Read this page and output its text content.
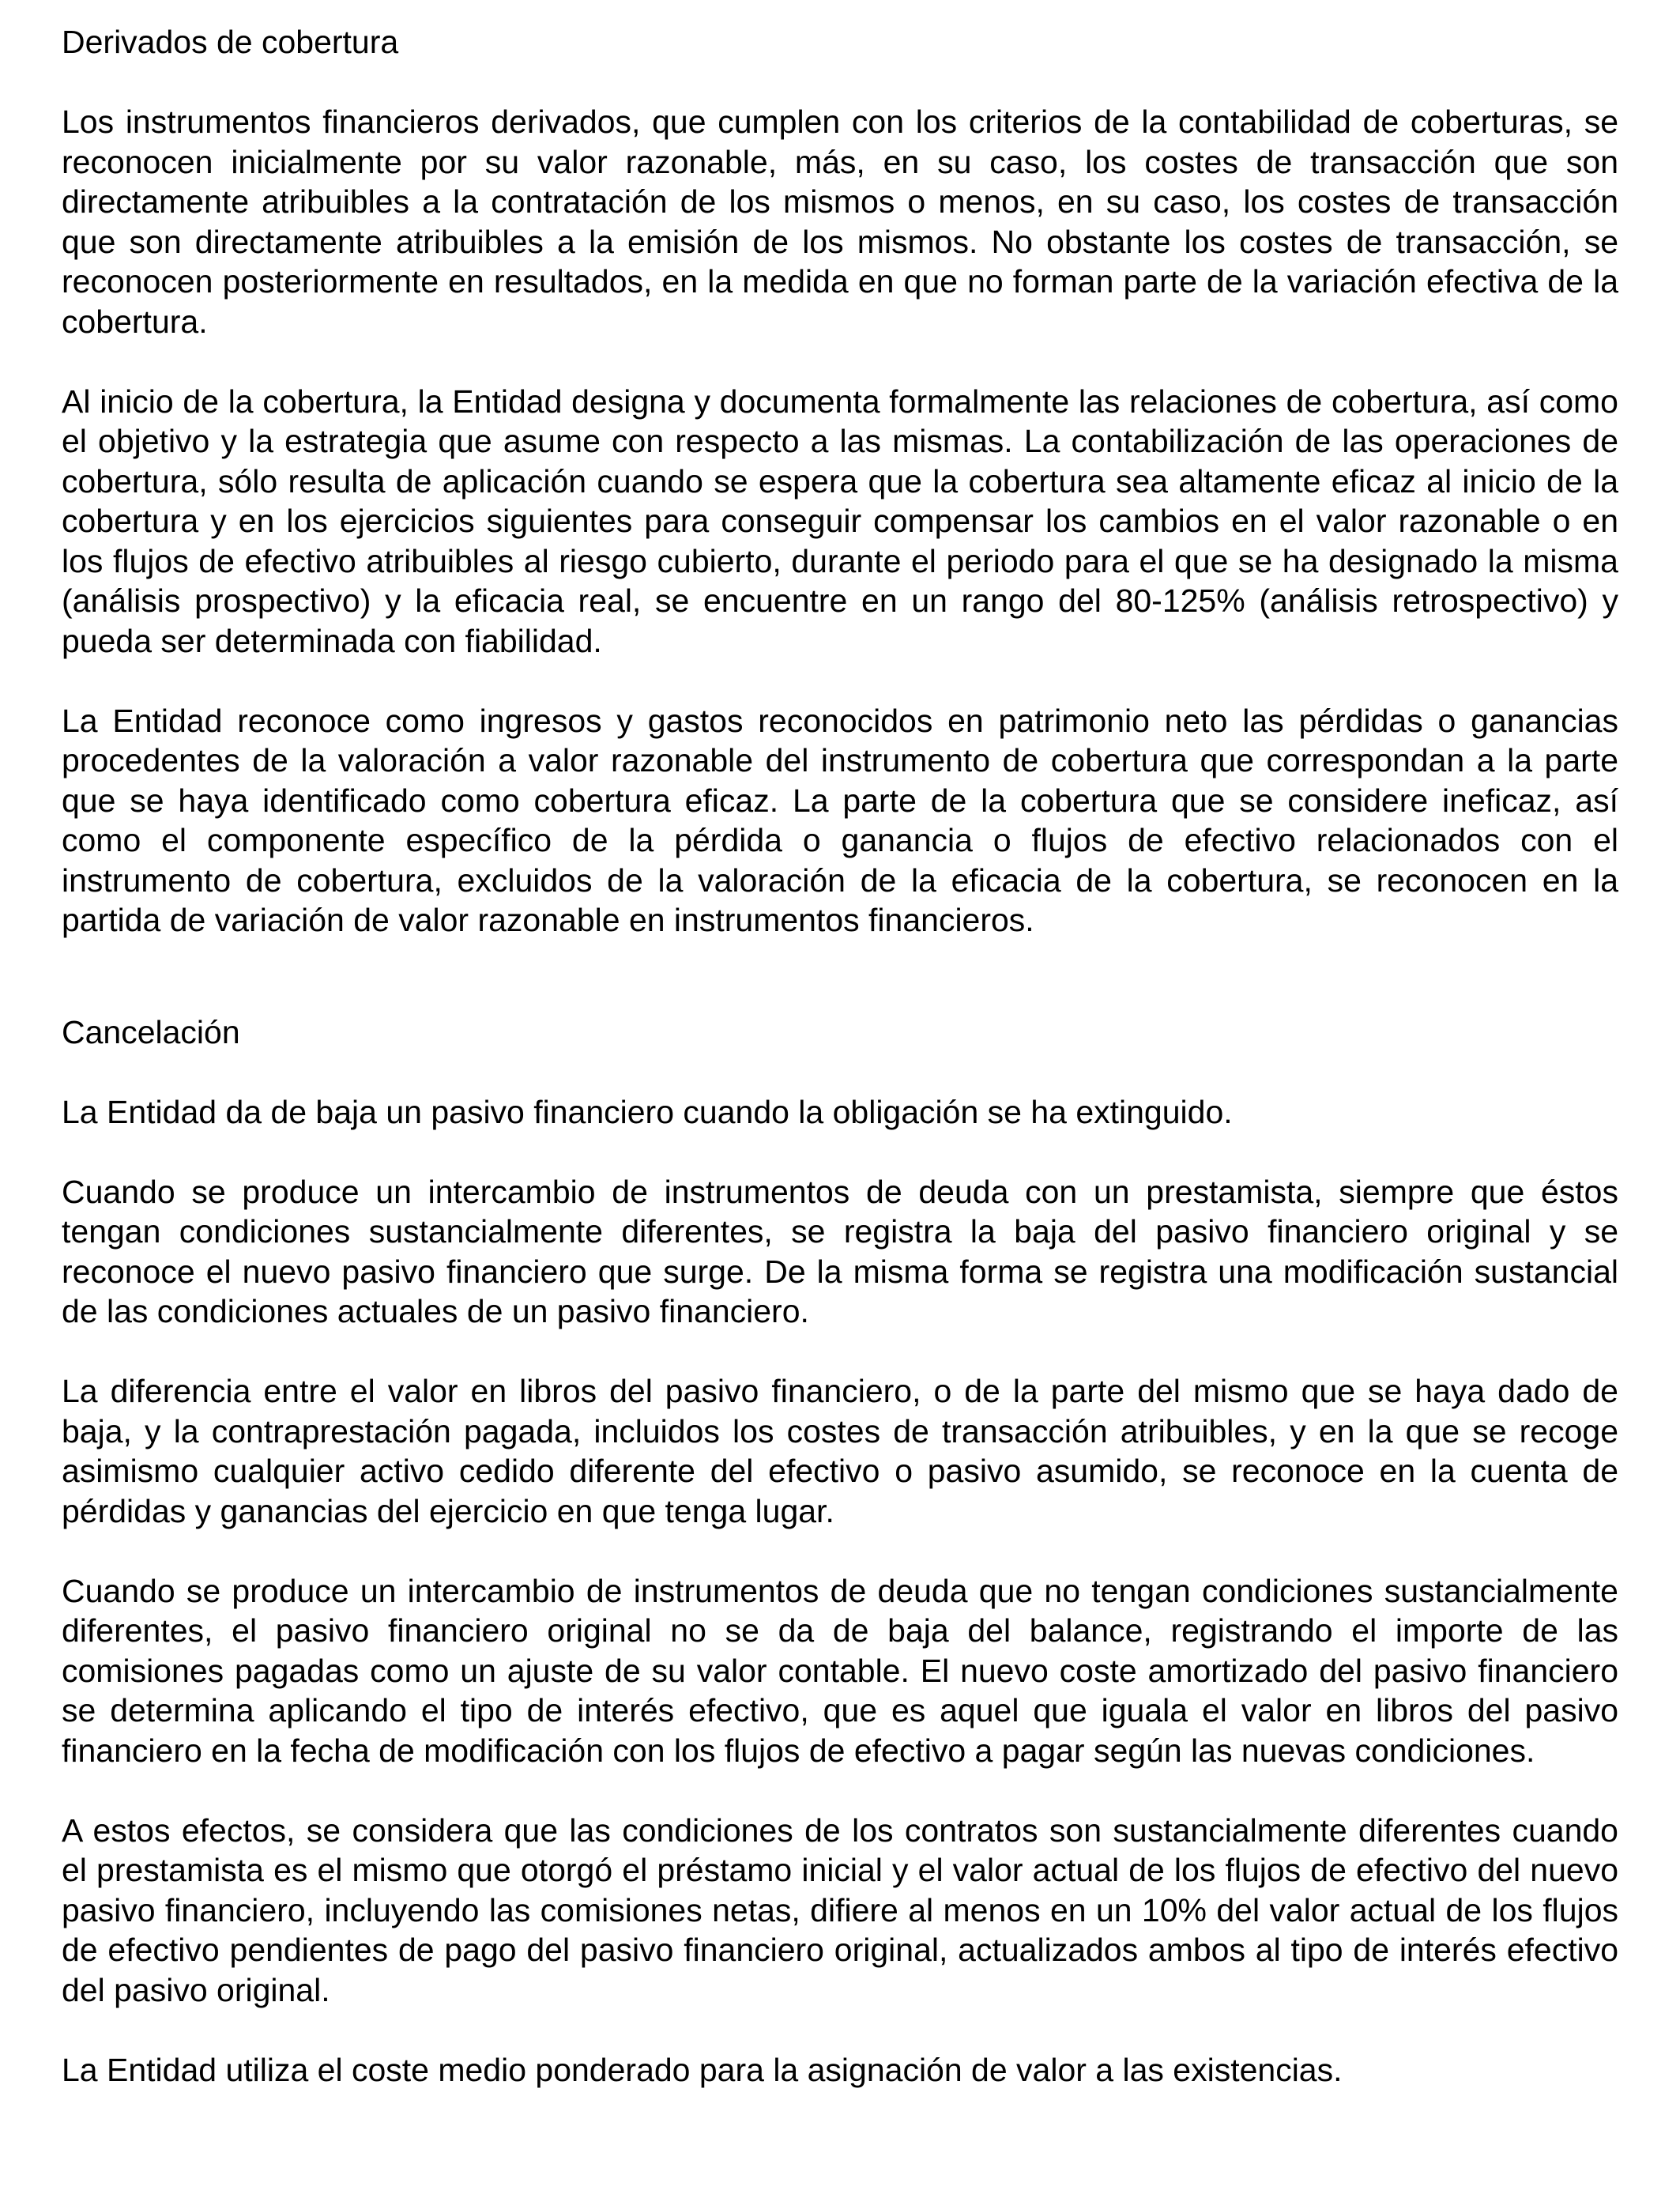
Derivados de cobertura

Los instrumentos financieros derivados, que cumplen con los criterios de la contabilidad de coberturas, se reconocen inicialmente por su valor razonable, más, en su caso, los costes de transacción que son directamente atribuibles a la contratación de los mismos o menos, en su caso, los costes de transacción que son directamente atribuibles a la emisión de los mismos. No obstante los costes de transacción, se reconocen posteriormente en resultados, en la medida en que no forman parte de la variación efectiva de la cobertura.

Al inicio de la cobertura, la Entidad designa y documenta formalmente las relaciones de cobertura, así como el objetivo y la estrategia que asume con respecto a las mismas. La contabilización de las operaciones de cobertura, sólo resulta de aplicación cuando se espera que la cobertura sea altamente eficaz al inicio de la cobertura y en los ejercicios siguientes para conseguir compensar los cambios en el valor razonable o en los flujos de efectivo atribuibles al riesgo cubierto, durante el periodo para el que se ha designado la misma (análisis prospectivo) y la eficacia real, se encuentre en un rango del 80-125% (análisis retrospectivo) y pueda ser determinada con fiabilidad.

La Entidad reconoce como ingresos y gastos reconocidos en patrimonio neto las pérdidas o ganancias procedentes de la valoración a valor razonable del instrumento de cobertura que correspondan a la parte que se haya identificado como cobertura eficaz. La parte de la cobertura que se considere ineficaz, así como el componente específico de la pérdida o ganancia o flujos de efectivo relacionados con el instrumento de cobertura, excluidos de la valoración de la eficacia de la cobertura, se reconocen en la partida de variación de valor razonable en instrumentos financieros.

Cancelación

La Entidad da de baja un pasivo financiero cuando la obligación se ha extinguido.

Cuando se produce un intercambio de instrumentos de deuda con un prestamista, siempre que éstos tengan condiciones sustancialmente diferentes, se registra la baja del pasivo financiero original y se reconoce el nuevo pasivo financiero que surge. De la misma forma se registra una modificación sustancial de las condiciones actuales de un pasivo financiero.

La diferencia entre el valor en libros del pasivo financiero, o de la parte del mismo que se haya dado de baja, y la contraprestación pagada, incluidos los costes de transacción atribuibles, y en la que se recoge asimismo cualquier activo cedido diferente del efectivo o pasivo asumido, se reconoce en la cuenta de pérdidas y ganancias del ejercicio en que tenga lugar.

Cuando se produce un intercambio de instrumentos de deuda que no tengan condiciones sustancialmente diferentes, el pasivo financiero original no se da de baja del balance, registrando el importe de las comisiones pagadas como un ajuste de su valor contable. El nuevo coste amortizado del pasivo financiero se determina aplicando el tipo de interés efectivo, que es aquel que iguala el valor en libros del pasivo financiero en la fecha de modificación con los flujos de efectivo a pagar según las nuevas condiciones.

A estos efectos, se considera que las condiciones de los contratos son sustancialmente diferentes cuando el prestamista es el mismo que otorgó el préstamo inicial y el valor actual de los flujos de efectivo del nuevo pasivo financiero, incluyendo las comisiones netas, difiere al menos en un 10% del valor actual de los flujos de efectivo pendientes de pago del pasivo financiero original, actualizados ambos al tipo de interés efectivo del pasivo original.

La Entidad utiliza el coste medio ponderado para la asignación de valor a las existencias.
